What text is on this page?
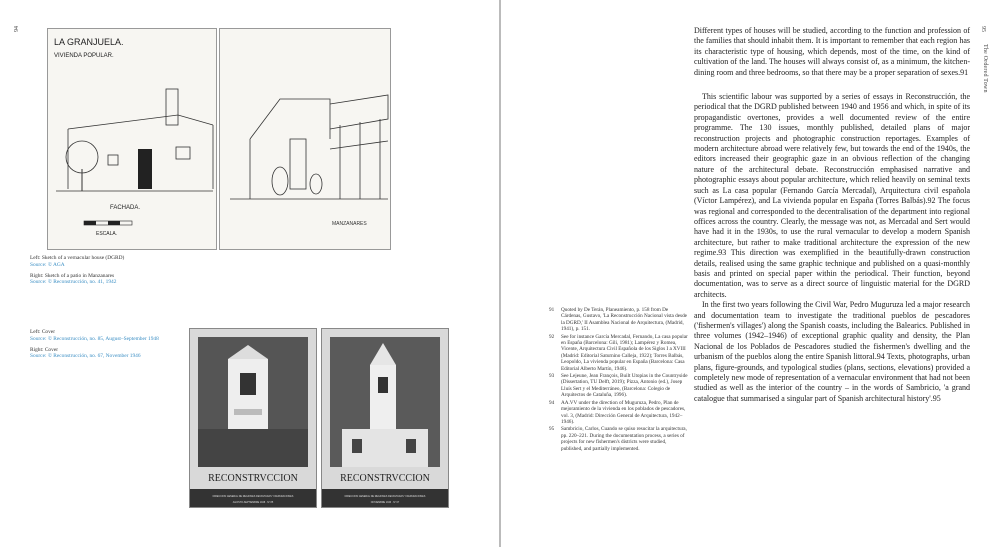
94
LA GRANJUELA.
VIVIENDA POPULAR.
FACHADA.
ESCALA.
MANZANARES
Left: Sketch of a vernacular house (DGRD)
Source: © AGA
Right: Sketch of a patio in Manzanares
Source: © Reconstrucción, no. 41, 1942
Left: Cover
Source: © Reconstrucción, no. 85, August–September 1948
Right: Cover
Source: © Reconstrucción, no. 67, November 1946
RECONSTRVCCION
DIRECCION GENERAL DE REGIONES DEVASTADAS Y REPARACIONES
AGOSTO-SEPTIEMBRE 1948 · Nº 85
RECONSTRVCCION
DIRECCION GENERAL DE REGIONES DEVASTADAS Y REPARACIONES
NOVIEMBRE 1946 · Nº 67
95
The Ordered Town

Different types of houses will be studied, according to the function and profession of the families that should inhabit them. It is important to remember that each region has its characteristic type of housing, which depends, most of the time, on the kind of cultivation of the land. The houses will always consist of, as a minimum, the kitchen-dining room and three bedrooms, so that there may be a proper separation of sexes.91

This scientific labour was supported by a series of essays in Reconstrucción, the periodical that the DGRD published between 1940 and 1956 and which, in spite of its propagandistic overtones, provides a well documented review of the entire programme. The 130 issues, monthly published, detailed plans of major reconstruction projects and photographic construction reportages. Examples of modern architecture abroad were relatively few, but towards the end of the 1940s, the editors increased their geographic gaze in an obvious reflection of the changing nature of the architectural debate. Reconstrucción emphasised narrative and photographic essays about popular architecture, which relied heavily on seminal texts such as La casa popular (Fernando García Mercadal), Arquitectura civil española (Víctor Lampérez), and La vivienda popular en España (Torres Balbás).92 The focus was regional and corresponded to the decentralisation of the department into regional offices across the country. Clearly, the message was not, as Mercadal and Sert would have had it in the 1930s, to use the rural vernacular to develop a modern Spanish architecture, but rather to make traditional architecture the expression of the new regime.93 This direction was exemplified in the beautifully-drawn construction details, realised using the same graphic technique and published on a quasi-monthly basis and printed on special paper within the periodical. Their function, beyond documentation, was to serve as a direct source of linguistic material for the DGRD architects.

In the first two years following the Civil War, Pedro Muguruza led a major research and documentation team to investigate the traditional pueblos de pescadores ('fishermen's villages') along the Spanish coasts, including the Balearics. Published in three volumes (1942–1946) of exceptional graphic quality and density, the Plan Nacional de los Poblados de Pescadores studied the fishermen's dwelling and the urbanism of the pueblos along the entire Spanish littoral.94 Texts, photographs, urban plans, figure-grounds, and typological studies (plans, sections, elevations) provided a completely new mode of representation of a vernacular environment that had not been studied as well as the interior of the country – in the words of Sambricio, 'a grand catalogue that summarised a singular part of Spanish architectural history'.95

91	Quoted by De Terán, Planeamiento, p. 158 from De Cárdenas, Gustavo, 'La Reconstrucción Nacional vista desde la DGRD,' II Asamblea Nacional de Arquitectura, (Madrid, 1941), p. 151.
92	See for instance García Mercadal, Fernando, La casa popular en España (Barcelona: Gili, 1981); Lampérez y Romea, Vicente, Arquitectura Civil Española de los Siglos I a XVIII (Madrid: Editorial Saturnino Calleja, 1922); Torres Balbás, Leopoldo, La vivienda popular en España (Barcelona: Casa Editorial Alberto Martín, 1946).
93	See Lejeune, Jean François, Built Utopias in the Countryside (Dissertation, TU Delft, 2019); Pizza, Antonio (ed.), Josep Lluís Sert y el Mediterráneo, (Barcelona: Colegio de Arquitectos de Cataluña, 1996).
94	AA.VV under the direction of Muguruza, Pedro, Plan de mejoramiento de la vivienda en los poblados de pescadores, vol. 3, (Madrid: Dirección General de Arquitectura, 1942–1946).
95	Sambricio, Carlos, Cuando se quiso resucitar la arquitectura, pp. 220–221. During the documentation process, a series of projects for new fishermen's districts were studied, published, and partially implemented.
